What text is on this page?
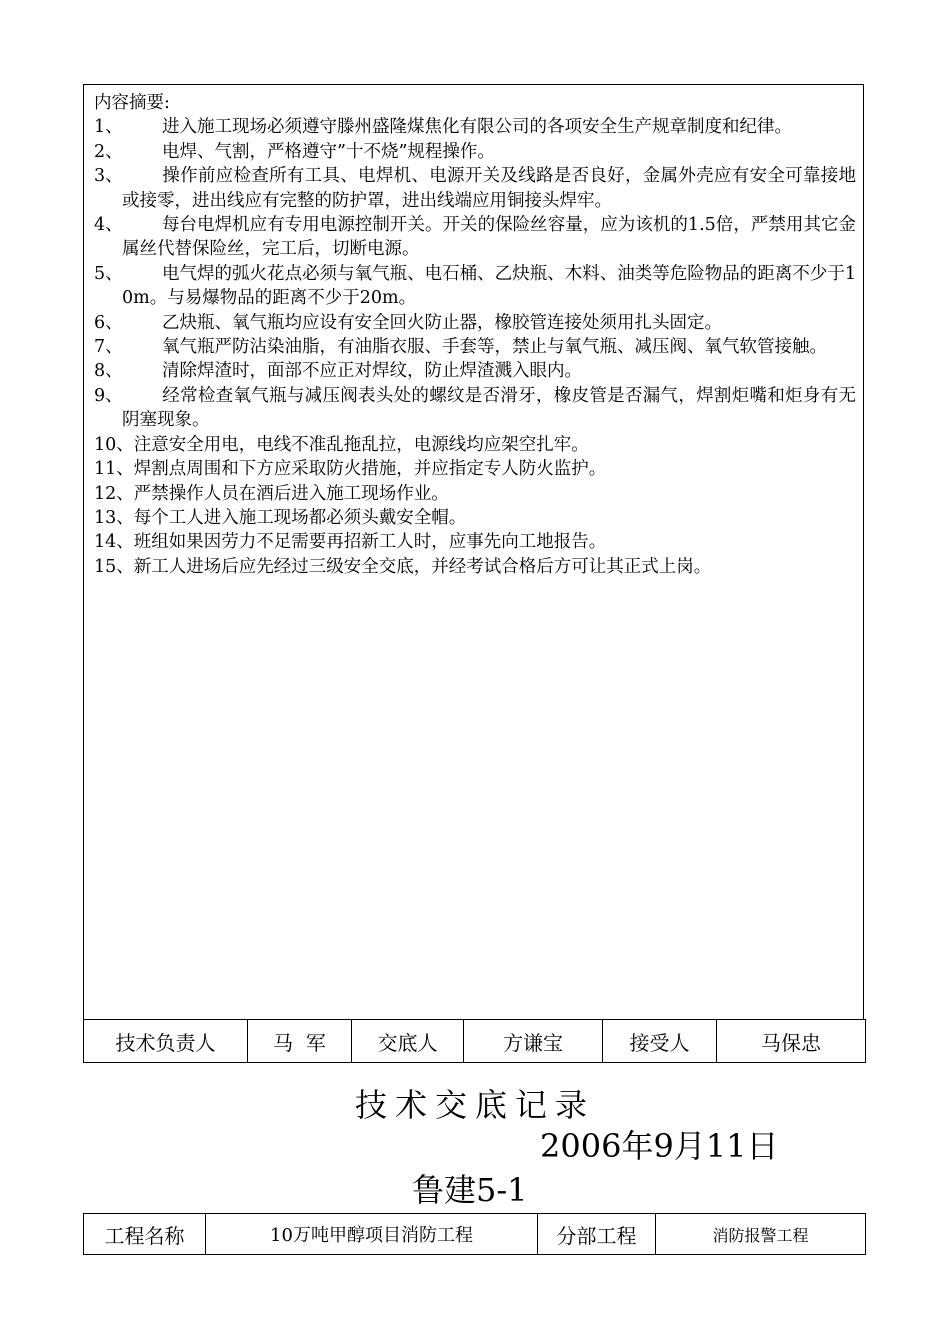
内容摘要:
1、 进入施工现场必须遵守滕州盛隆煤焦化有限公司的各项安全生产规章制度和纪律。
2、 电焊、气割，严格遵守”十不烧”规程操作。
3、 操作前应检查所有工具、电焊机、电源开关及线路是否良好，金属外壳应有安全可靠接地或接零，进出线应有完整的防护罩，进出线端应用铜接头焊牢。
4、 每台电焊机应有专用电源控制开关。开关的保险丝容量，应为该机的1.5倍，严禁用其它金属丝代替保险丝，完工后，切断电源。
5、 电气焊的弧火花点必须与氧气瓶、电石桶、乙炔瓶、木料、油类等危险物品的距离不少于10m。与易爆物品的距离不少于20m。
6、 乙炔瓶、氧气瓶均应设有安全回火防止器，橡胶管连接处须用扎头固定。
7、 氧气瓶严防沾染油脂，有油脂衣服、手套等，禁止与氧气瓶、减压阀、氧气软管接触。
8、 清除焊渣时，面部不应正对焊纹，防止焊渣溅入眼内。
9、 经常检查氧气瓶与减压阀表头处的螺纹是否滑牙，橡皮管是否漏气，焊割炬嘴和炬身有无阴塞现象。
10、注意安全用电，电线不准乱拖乱拉，电源线均应架空扎牢。
11、焊割点周围和下方应采取防火措施，并应指定专人防火监护。
12、严禁操作人员在酒后进入施工现场作业。
13、每个工人进入施工现场都必须头戴安全帽。
14、班组如果因劳力不足需要再招新工人时，应事先向工地报告。
15、新工人进场后应先经过三级安全交底，并经考试合格后方可让其正式上岗。
技术负责人	马  军	交底人	方谦宝	接受人	马保忠
技术交底记录
2006年9月11日
鲁建5-1
工程名称	10万吨甲醇项目消防工程	分部工程	消防报警工程
